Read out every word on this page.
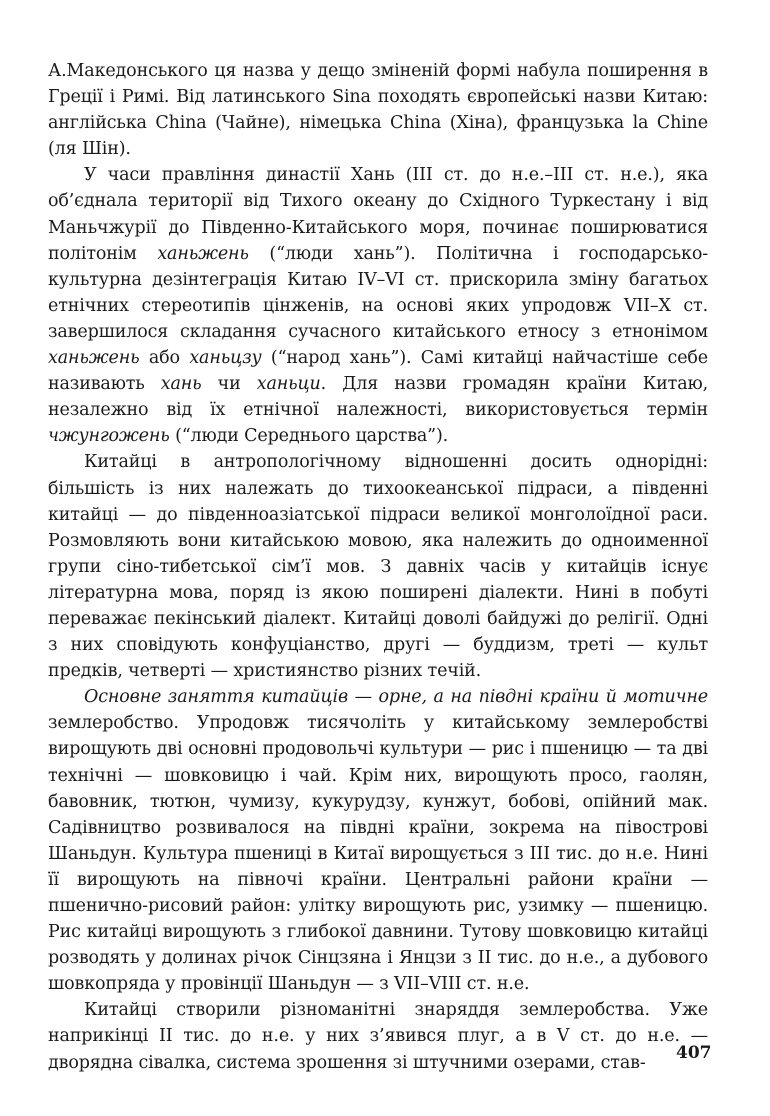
А.Македонського ця назва у дещо зміненій формі набула поширення в Греції і Римі. Від латинського Sina походять європейські назви Китаю: англійська China (Чайне), німецька China (Хіна), французька la Chine (ля Шін).

У часи правління династії Хань (ІІІ ст. до н.е.–ІІІ ст. н.е.), яка об’єднала території від Тихого океану до Східного Туркестану і від Маньчжурії до Південно-Китайського моря, починає поширюватися політонім ханьжень (“люди хань”). Політична і господарсько-культурна дезінтеграція Китаю IV–VI ст. прискорила зміну багатьох етнічних стереотипів цінженів, на основі яких упродовж VII–X ст. завершилося складання сучасного китайського етносу з етнонімом ханьжень або ханьцзу (“народ хань”). Самі китайці найчастіше себе називають хань чи ханьци. Для назви громадян країни Китаю, незалежно від їх етнічної належності, використовується термін чжунгожень (“люди Середнього царства”).

Китайці в антропологічному відношенні досить однорідні: більшість із них належать до тихоокеанської підраси, а південні китайці — до південноазіатської підраси великої монголоїдної раси. Розмовляють вони китайською мовою, яка належить до одноименної групи сіно-тибетської сім’ї мов. З давніх часів у китайців існує літературна мова, поряд із якою поширені діалекти. Нині в побуті переважає пекінський діалект. Китайці доволі байдужі до релігії. Одні з них сповідують конфуціанство, другі — буддизм, треті — культ предків, четверті — християнство різних течій.

Основне заняття китайців — орне, а на півдні країни й мотичне землеробство. Упродовж тисячоліть у китайському землеробстві вирощують дві основні продовольчі культури — рис і пшеницю — та дві технічні — шовковицю і чай. Крім них, вирощують просо, гаолян, бавовник, тютюн, чумизу, кукурудзу, кунжут, бобові, опійний мак. Садівництво розвивалося на півдні країни, зокрема на півострові Шаньдун. Культура пшениці в Китаї вирощується з III тис. до н.е. Нині її вирощують на півночі країни. Центральні райони країни — пшенично-рисовий район: улітку вирощують рис, узимку — пшеницю. Рис китайці вирощують з глибокої давнини. Тутову шовковицю китайці розводять у долинах річок Сінцзяна і Янцзи з II тис. до н.е., а дубового шовкопряда у провінції Шаньдун — з VII–VIII ст. н.е.

Китайці створили різноманітні знаряддя землеробства. Уже наприкінці II тис. до н.е. у них з’явився плуг, а в V ст. до н.е. — дворядна сівалка, система зрошення зі штучними озерами, став-	407
